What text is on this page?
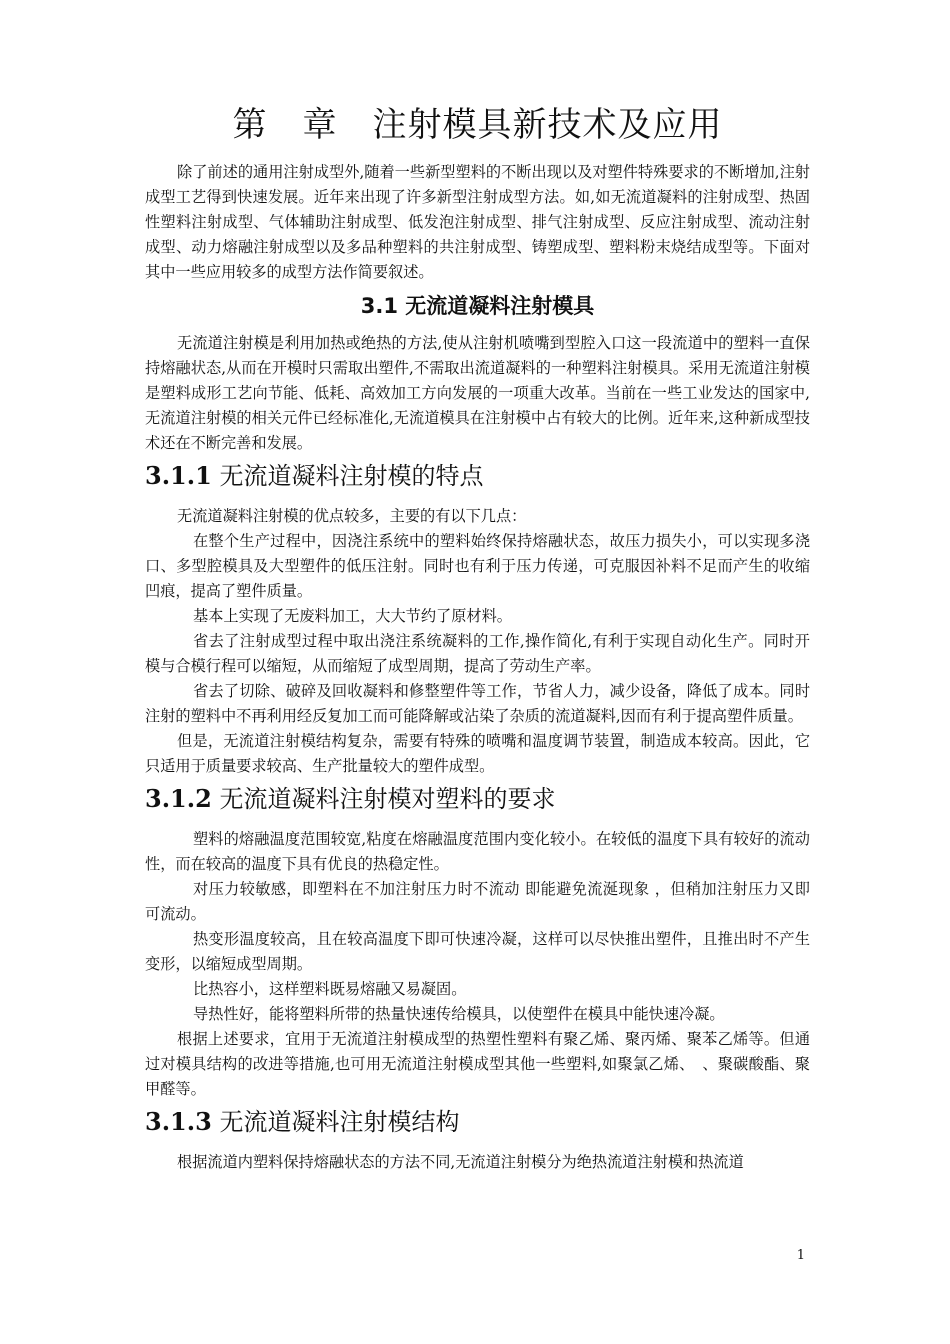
第　章　注射模具新技术及应用

除了前述的通用注射成型外,随着一些新型塑料的不断出现以及对塑件特殊要求的不断增加,注射成型工艺得到快速发展。近年来出现了许多新型注射成型方法。如,如无流道凝料的注射成型、热固性塑料注射成型、气体辅助注射成型、低发泡注射成型、排气注射成型、反应注射成型、流动注射成型、动力熔融注射成型以及多品种塑料的共注射成型、铸塑成型、塑料粉末烧结成型等。下面对其中一些应用较多的成型方法作简要叙述。

3.1 无流道凝料注射模具

无流道注射模是利用加热或绝热的方法,使从注射机喷嘴到型腔入口这一段流道中的塑料一直保持熔融状态,从而在开模时只需取出塑件,不需取出流道凝料的一种塑料注射模具。采用无流道注射模是塑料成形工艺向节能、低耗、高效加工方向发展的一项重大改革。当前在一些工业发达的国家中,无流道注射模的相关元件已经标准化,无流道模具在注射模中占有较大的比例。近年来,这种新成型技术还在不断完善和发展。

3.1.1 无流道凝料注射模的特点

无流道凝料注射模的优点较多，主要的有以下几点：

在整个生产过程中，因浇注系统中的塑料始终保持熔融状态，故压力损失小，可以实现多浇口、多型腔模具及大型塑件的低压注射。同时也有利于压力传递，可克服因补料不足而产生的收缩凹痕，提高了塑件质量。

基本上实现了无废料加工，大大节约了原材料。

省去了注射成型过程中取出浇注系统凝料的工作,操作简化,有利于实现自动化生产。同时开模与合模行程可以缩短，从而缩短了成型周期，提高了劳动生产率。

省去了切除、破碎及回收凝料和修整塑件等工作，节省人力，减少设备，降低了成本。同时注射的塑料中不再利用经反复加工而可能降解或沾染了杂质的流道凝料,因而有利于提高塑件质量。

但是，无流道注射模结构复杂，需要有特殊的喷嘴和温度调节装置，制造成本较高。因此，它只适用于质量要求较高、生产批量较大的塑件成型。

3.1.2 无流道凝料注射模对塑料的要求

塑料的熔融温度范围较宽,粘度在熔融温度范围内变化较小。在较低的温度下具有较好的流动性，而在较高的温度下具有优良的热稳定性。

对压力较敏感，即塑料在不加注射压力时不流动 即能避免流涎现象 ，但稍加注射压力又即可流动。

热变形温度较高，且在较高温度下即可快速冷凝，这样可以尽快推出塑件，且推出时不产生变形，以缩短成型周期。

比热容小，这样塑料既易熔融又易凝固。

导热性好，能将塑料所带的热量快速传给模具，以使塑件在模具中能快速冷凝。

根据上述要求，宜用于无流道注射模成型的热塑性塑料有聚乙烯、聚丙烯、聚苯乙烯等。但通过对模具结构的改进等措施,也可用无流道注射模成型其他一些塑料,如聚氯乙烯、　、聚碳酸酯、聚甲醛等。

3.1.3 无流道凝料注射模结构

根据流道内塑料保持熔融状态的方法不同,无流道注射模分为绝热流道注射模和热流道

1
